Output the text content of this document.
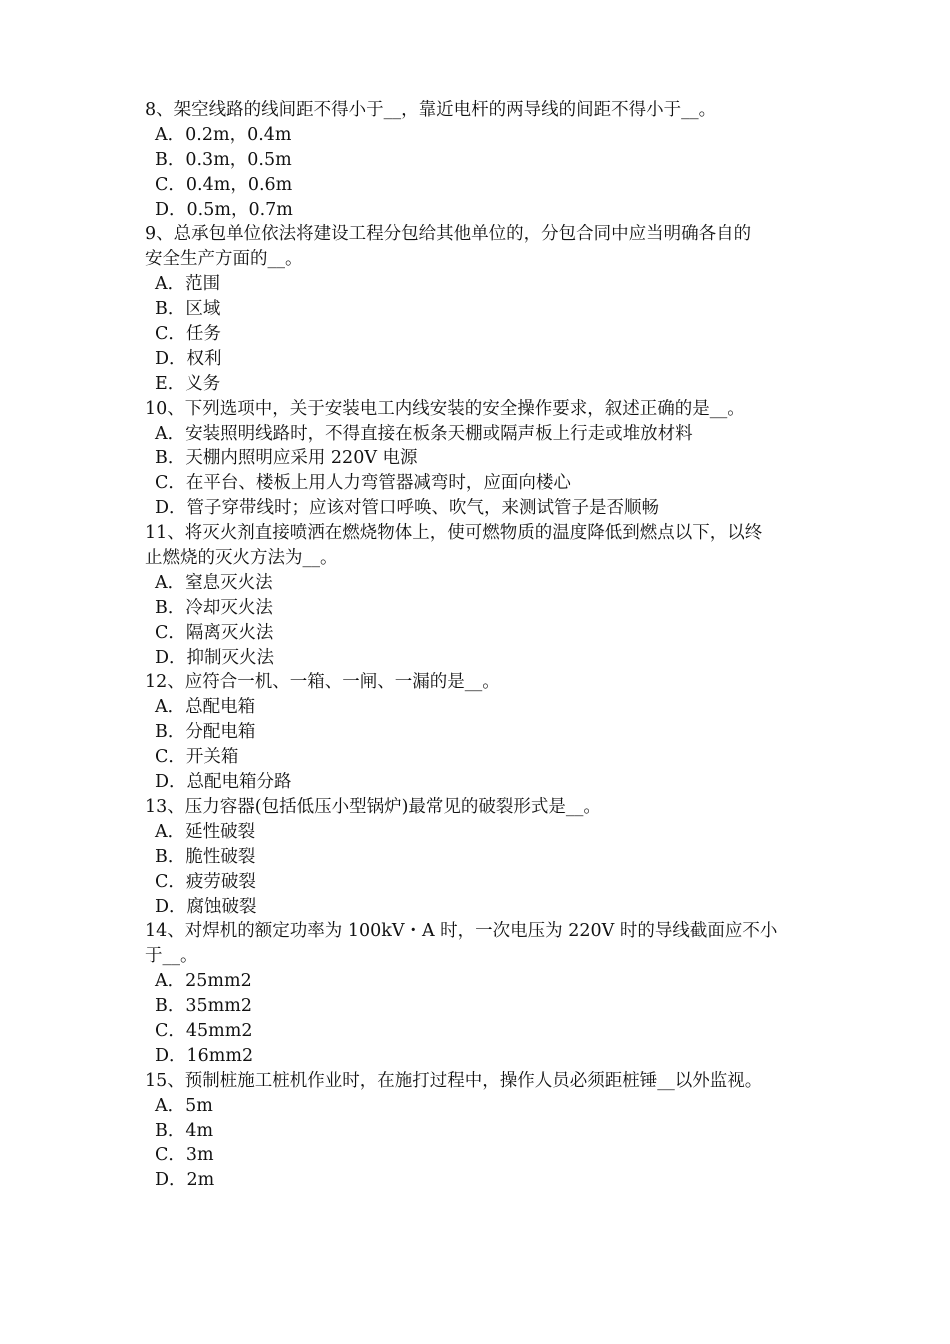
8、架空线路的线间距不得小于__，靠近电杆的两导线的间距不得小于__。
A．0.2m，0.4m
B．0.3m，0.5m
C．0.4m，0.6m
D．0.5m，0.7m
9、总承包单位依法将建设工程分包给其他单位的，分包合同中应当明确各自的
安全生产方面的__。
A．范围
B．区域
C．任务
D．权利
E．义务
10、下列选项中，关于安装电工内线安装的安全操作要求，叙述正确的是__。
A．安装照明线路时，不得直接在板条天棚或隔声板上行走或堆放材料
B．天棚内照明应采用 220V 电源
C．在平台、楼板上用人力弯管器减弯时，应面向楼心
D．管子穿带线时；应该对管口呼唤、吹气，来测试管子是否顺畅
11、将灭火剂直接喷洒在燃烧物体上，使可燃物质的温度降低到燃点以下，以终
止燃烧的灭火方法为__。
A．窒息灭火法
B．冷却灭火法
C．隔离灭火法
D．抑制灭火法
12、应符合一机、一箱、一闸、一漏的是__。
A．总配电箱
B．分配电箱
C．开关箱
D．总配电箱分路
13、压力容器(包括低压小型锅炉)最常见的破裂形式是__。
A．延性破裂
B．脆性破裂
C．疲劳破裂
D．腐蚀破裂
14、对焊机的额定功率为 100kV・A 时，一次电压为 220V 时的导线截面应不小
于__。
A．25mm2
B．35mm2
C．45mm2
D．16mm2
15、预制桩施工桩机作业时，在施打过程中，操作人员必须距桩锤__以外监视。
A．5m
B．4m
C．3m
D．2m
